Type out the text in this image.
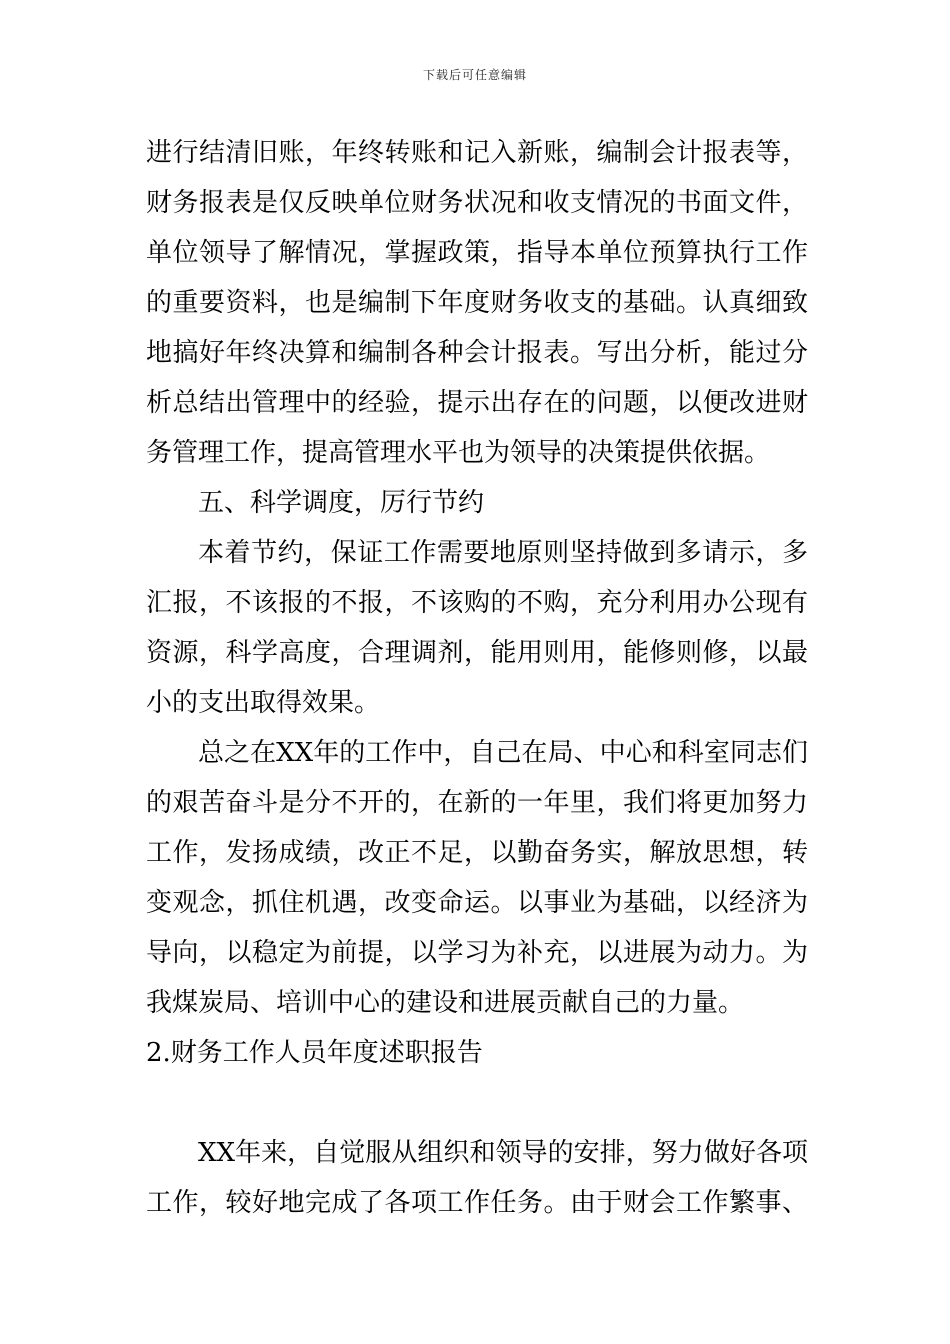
下载后可任意编辑
进行结清旧账，年终转账和记入新账，编制会计报表等，
财务报表是仅反映单位财务状况和收支情况的书面文件，
单位领导了解情况，掌握政策，指导本单位预算执行工作
的重要资料，也是编制下年度财务收支的基础。认真细致
地搞好年终决算和编制各种会计报表。写出分析，能过分
析总结出管理中的经验，提示出存在的问题，以便改进财
务管理工作，提高管理水平也为领导的决策提供依据。
五、科学调度，厉行节约
本着节约，保证工作需要地原则坚持做到多请示，多
汇报，不该报的不报，不该购的不购，充分利用办公现有
资源，科学高度，合理调剂，能用则用，能修则修，以最
小的支出取得效果。
总之在XX年的工作中，自己在局、中心和科室同志们
的艰苦奋斗是分不开的，在新的一年里，我们将更加努力
工作，发扬成绩，改正不足，以勤奋务实，解放思想，转
变观念，抓住机遇，改变命运。以事业为基础，以经济为
导向，以稳定为前提，以学习为补充，以进展为动力。为
我煤炭局、培训中心的建设和进展贡献自己的力量。
2.财务工作人员年度述职报告
XX年来，自觉服从组织和领导的安排，努力做好各项
工作，较好地完成了各项工作任务。由于财会工作繁事、
